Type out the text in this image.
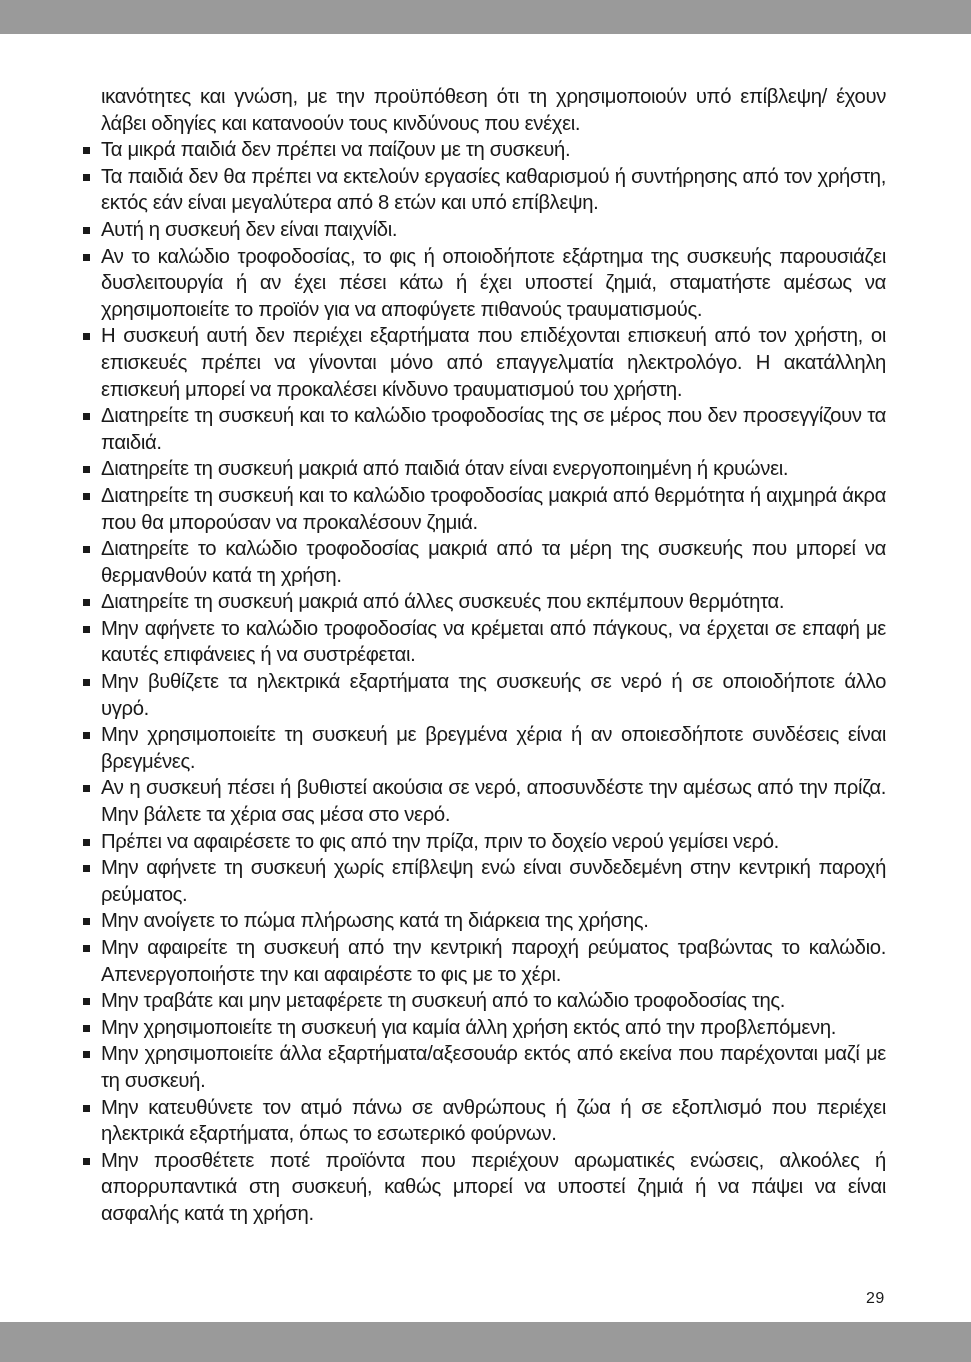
ικανότητες και γνώση, με την προϋπόθεση ότι τη χρησιμοποιούν υπό επίβλεψη/ έχουν λάβει οδηγίες και κατανοούν τους κινδύνους που ενέχει.

Τα μικρά παιδιά δεν πρέπει να παίζουν με τη συσκευή.
Τα παιδιά δεν θα πρέπει να εκτελούν εργασίες καθαρισμού ή συντήρησης από τον χρήστη, εκτός εάν είναι μεγαλύτερα από 8 ετών και υπό επίβλεψη.
Αυτή η συσκευή δεν είναι παιχνίδι.
Αν το καλώδιο τροφοδοσίας, το φις ή οποιοδήποτε εξάρτημα της συσκευής παρουσιάζει δυσλειτουργία ή αν έχει πέσει κάτω ή έχει υποστεί ζημιά, σταματήστε αμέσως να χρησιμοποιείτε το προϊόν για να αποφύγετε πιθανούς τραυματισμούς.
Η συσκευή αυτή δεν περιέχει εξαρτήματα που επιδέχονται επισκευή από τον χρήστη, οι επισκευές πρέπει να γίνονται μόνο από επαγγελματία ηλεκτρολόγο. Η ακατάλληλη επισκευή μπορεί να προκαλέσει κίνδυνο τραυματισμού του χρήστη.
Διατηρείτε τη συσκευή και το καλώδιο τροφοδοσίας της σε μέρος που δεν προσεγγίζουν τα παιδιά.
Διατηρείτε τη συσκευή μακριά από παιδιά όταν είναι ενεργοποιημένη ή κρυώνει.
Διατηρείτε τη συσκευή και το καλώδιο τροφοδοσίας μακριά από θερμότητα ή αιχμηρά άκρα που θα μπορούσαν να προκαλέσουν ζημιά.
Διατηρείτε το καλώδιο τροφοδοσίας μακριά από τα μέρη της συσκευής που μπορεί να θερμανθούν κατά τη χρήση.
Διατηρείτε τη συσκευή μακριά από άλλες συσκευές που εκπέμπουν θερμότητα.
Μην αφήνετε το καλώδιο τροφοδοσίας να κρέμεται από πάγκους, να έρχεται σε επαφή με καυτές επιφάνειες ή να συστρέφεται.
Μην βυθίζετε τα ηλεκτρικά εξαρτήματα της συσκευής σε νερό ή σε οποιοδήποτε άλλο υγρό.
Μην χρησιμοποιείτε τη συσκευή με βρεγμένα χέρια ή αν οποιεσδήποτε συνδέσεις είναι βρεγμένες.
Αν η συσκευή πέσει ή βυθιστεί ακούσια σε νερό, αποσυνδέστε την αμέσως από την πρίζα. Μην βάλετε τα χέρια σας μέσα στο νερό.
Πρέπει να αφαιρέσετε το φις από την πρίζα, πριν το δοχείο νερού γεμίσει νερό.
Μην αφήνετε τη συσκευή χωρίς επίβλεψη ενώ είναι συνδεδεμένη στην κεντρική παροχή ρεύματος.
Μην ανοίγετε το πώμα πλήρωσης κατά τη διάρκεια της χρήσης.
Μην αφαιρείτε τη συσκευή από την κεντρική παροχή ρεύματος τραβώντας το καλώδιο. Απενεργοποιήστε την και αφαιρέστε το φις με το χέρι.
Μην τραβάτε και μην μεταφέρετε τη συσκευή από το καλώδιο τροφοδοσίας της.
Μην χρησιμοποιείτε τη συσκευή για καμία άλλη χρήση εκτός από την προβλεπόμενη.
Μην χρησιμοποιείτε άλλα εξαρτήματα/αξεσουάρ εκτός από εκείνα που παρέχονται μαζί με τη συσκευή.
Μην κατευθύνετε τον ατμό πάνω σε ανθρώπους ή ζώα ή σε εξοπλισμό που περιέχει ηλεκτρικά εξαρτήματα, όπως το εσωτερικό φούρνων.
Μην προσθέτετε ποτέ προϊόντα που περιέχουν αρωματικές ενώσεις, αλκοόλες ή απορρυπαντικά στη συσκευή, καθώς μπορεί να υποστεί ζημιά ή να πάψει να είναι ασφαλής κατά τη χρήση.
29
